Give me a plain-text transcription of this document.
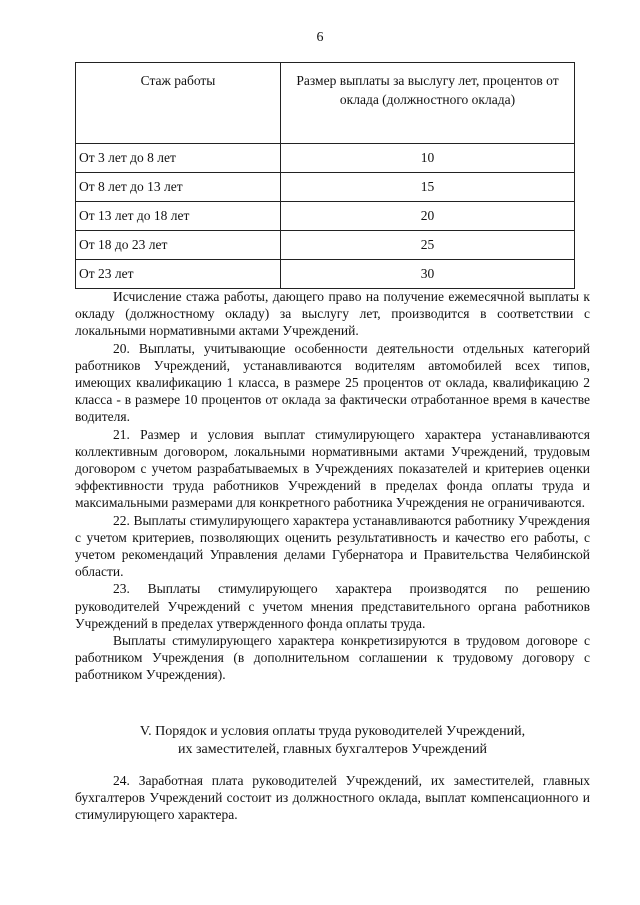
6
Стаж работы	Размер выплаты за выслугу лет, процентов от оклада (должностного оклада)
От 3 лет до 8 лет	10
От 8 лет до 13 лет	15
От 13 лет до 18 лет	20
От 18 до 23 лет	25
От 23 лет	30

Исчисление стажа работы, дающего право на получение ежемесячной выплаты к окладу (должностному окладу) за выслугу лет, производится в соответствии с локальными нормативными актами Учреждений.

20. Выплаты, учитывающие особенности деятельности отдельных категорий работников Учреждений, устанавливаются водителям автомобилей всех типов, имеющих квалификацию 1 класса, в размере 25 процентов от оклада, квалификацию 2 класса - в размере 10 процентов от оклада за фактически отработанное время в качестве водителя.

21. Размер и условия выплат стимулирующего характера устанавливаются коллективным договором, локальными нормативными актами Учреждений, трудовым договором с учетом разрабатываемых в Учреждениях показателей и критериев оценки эффективности труда работников Учреждений в пределах фонда оплаты труда и максимальными размерами для конкретного работника Учреждения не ограничиваются.

22. Выплаты стимулирующего характера устанавливаются работнику Учреждения с учетом критериев, позволяющих оценить результативность и качество его работы, с учетом рекомендаций Управления делами Губернатора и Правительства Челябинской области.

23. Выплаты стимулирующего характера производятся по решению руководителей Учреждений с учетом мнения представительного органа работников Учреждений в пределах утвержденного фонда оплаты труда.

Выплаты стимулирующего характера конкретизируются в трудовом договоре с работником Учреждения (в дополнительном соглашении к трудовому договору с работником Учреждения).

V. Порядок и условия оплаты труда руководителей Учреждений,
их заместителей, главных бухгалтеров Учреждений

24. Заработная плата руководителей Учреждений, их заместителей, главных бухгалтеров Учреждений состоит из должностного оклада, выплат компенсационного и стимулирующего характера.
